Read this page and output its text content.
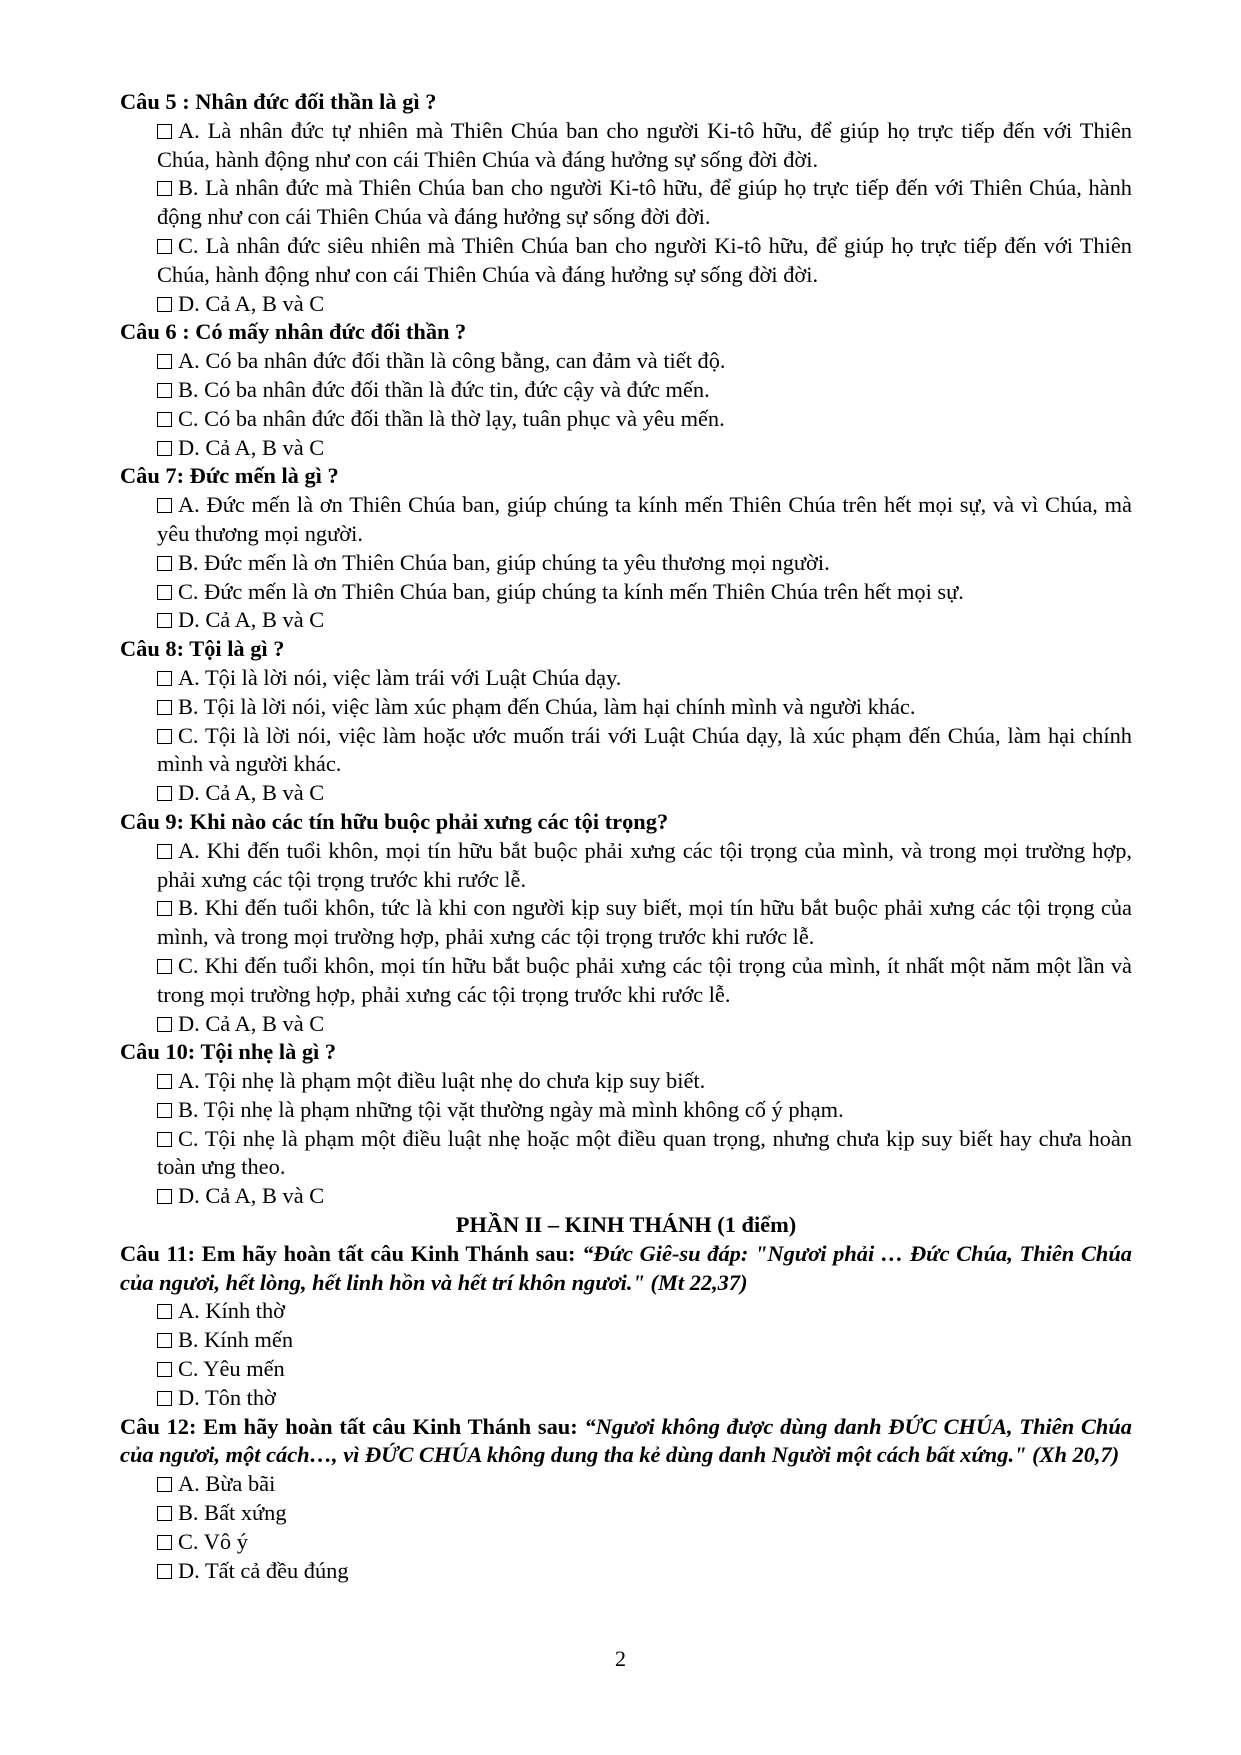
Câu 5 : Nhân đức đối thần là gì ?
A. Là nhân đức tự nhiên mà Thiên Chúa ban cho người Ki-tô hữu, để giúp họ trực tiếp đến với Thiên Chúa, hành động như con cái Thiên Chúa và đáng hưởng sự sống đời đời.
B. Là nhân đức mà Thiên Chúa ban cho người Ki-tô hữu, để giúp họ trực tiếp đến với Thiên Chúa, hành động như con cái Thiên Chúa và đáng hưởng sự sống đời đời.
C. Là nhân đức siêu nhiên mà Thiên Chúa ban cho người Ki-tô hữu, để giúp họ trực tiếp đến với Thiên Chúa, hành động như con cái Thiên Chúa và đáng hưởng sự sống đời đời.
D. Cả A, B và C
Câu 6 : Có mấy nhân đức đối thần ?
A. Có ba nhân đức đối thần là công bằng, can đảm và tiết độ.
B. Có ba nhân đức đối thần là đức tin, đức cậy và đức mến.
C. Có ba nhân đức đối thần là thờ lạy, tuân phục và yêu mến.
D. Cả A, B và C
Câu 7: Đức mến là gì ?
A. Đức mến là ơn Thiên Chúa ban, giúp chúng ta kính mến Thiên Chúa trên hết mọi sự, và vì Chúa, mà yêu thương mọi người.
B. Đức mến là ơn Thiên Chúa ban, giúp chúng ta yêu thương mọi người.
C. Đức mến là ơn Thiên Chúa ban, giúp chúng ta kính mến Thiên Chúa trên hết mọi sự.
D. Cả A, B và C
Câu 8: Tội là gì ?
A. Tội là lời nói, việc làm trái với Luật Chúa dạy.
B. Tội là lời nói, việc làm xúc phạm đến Chúa, làm hại chính mình và người khác.
C. Tội là lời nói, việc làm hoặc ước muốn trái với Luật Chúa dạy, là xúc phạm đến Chúa, làm hại chính mình và người khác.
D. Cả A, B và C
Câu 9: Khi nào các tín hữu buộc phải xưng các tội trọng?
A. Khi đến tuổi khôn, mọi tín hữu bắt buộc phải xưng các tội trọng của mình, và trong mọi trường hợp, phải xưng các tội trọng trước khi rước lễ.
B. Khi đến tuổi khôn, tức là khi con người kịp suy biết, mọi tín hữu bắt buộc phải xưng các tội trọng của mình, và trong mọi trường hợp, phải xưng các tội trọng trước khi rước lễ.
C. Khi đến tuổi khôn, mọi tín hữu bắt buộc phải xưng các tội trọng của mình, ít nhất một năm một lần và trong mọi trường hợp, phải xưng các tội trọng trước khi rước lễ.
D. Cả A, B và C
Câu 10: Tội nhẹ là gì ?
A. Tội nhẹ là phạm một điều luật nhẹ do chưa kịp suy biết.
B. Tội nhẹ là phạm những tội vặt thường ngày mà mình không cố ý phạm.
C. Tội nhẹ là phạm một điều luật nhẹ hoặc một điều quan trọng, nhưng chưa kịp suy biết hay chưa hoàn toàn ưng theo.
D. Cả A, B và C
PHẦN II – KINH THÁNH (1 điểm)
Câu 11: Em hãy hoàn tất câu Kinh Thánh sau: “Đức Giê-su đáp: "Ngươi phải … Đức Chúa, Thiên Chúa của ngươi, hết lòng, hết linh hồn và hết trí khôn ngươi." (Mt 22,37)
A. Kính thờ
B. Kính mến
C. Yêu mến
D. Tôn thờ
Câu 12: Em hãy hoàn tất câu Kinh Thánh sau: “Ngươi không được dùng danh ĐỨC CHÚA, Thiên Chúa của ngươi, một cách…, vì ĐỨC CHÚA không dung tha kẻ dùng danh Người một cách bất xứng." (Xh 20,7)
A. Bừa bãi
B. Bất xứng
C. Vô ý
D. Tất cả đều đúng
2
